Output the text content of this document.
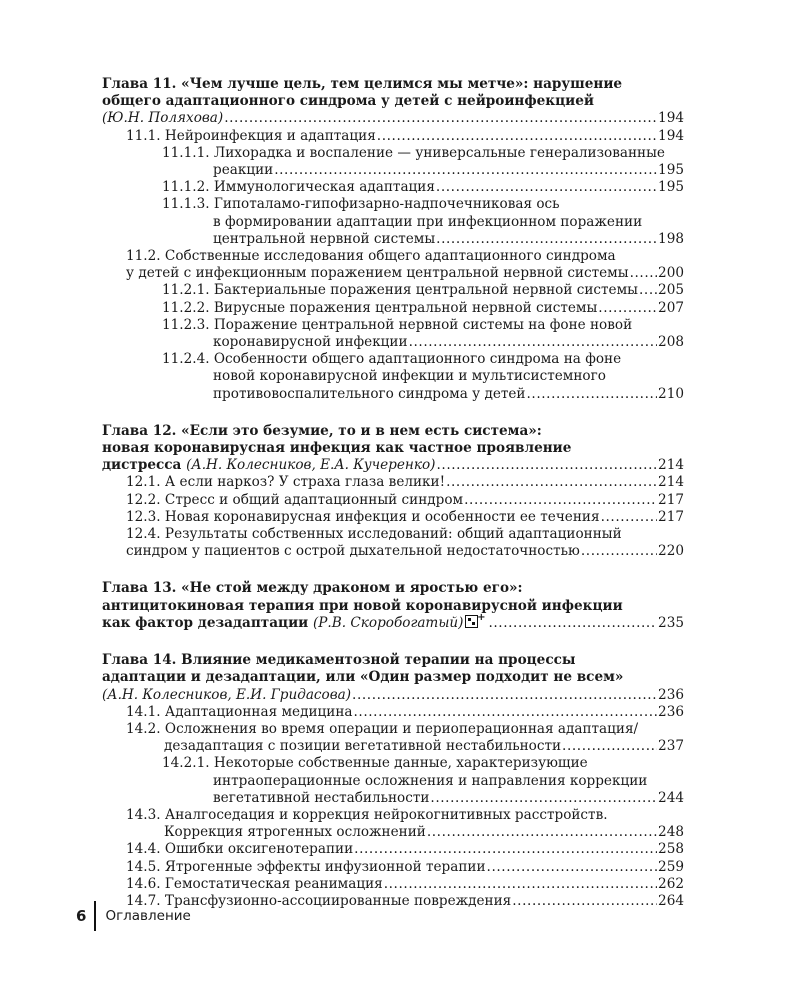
Глава 11. «Чем лучше цель, тем целимся мы метче»: нарушение
общего адаптационного синдрома у детей с нейроинфекцией
(Ю.Н. Поляхова) .....	194
11.1. Нейроинфекция и адаптация .....	194
11.1.1. Лихорадка и воспаление — универсальные генерализованные
реакции .....	195
11.1.2. Иммунологическая адаптация .....	195
11.1.3. Гипоталамо-гипофизарно-надпочечниковая ось
в формировании адаптации при инфекционном поражении
центральной нервной системы .....	198
11.2. Собственные исследования общего адаптационного синдрома
у детей с инфекционным поражением центральной нервной системы ..... 200
11.2.1. Бактериальные поражения центральной нервной системы ..... 205
11.2.2. Вирусные поражения центральной нервной системы .....	207
11.2.3. Поражение центральной нервной системы на фоне новой
коронавирусной инфекции .....	208
11.2.4. Особенности общего адаптационного синдрома на фоне
новой коронавирусной инфекции и мультисистемного
противовоспалительного синдрома у детей .....	210
Глава 12. «Если это безумие, то и в нем есть система»:
новая коронавирусная инфекция как частное проявление
дистресса (А.Н. Колесников, Е.А. Кучеренко) .....	214
12.1. А если наркоз? У страха глаза велики! .....	214
12.2. Стресс и общий адаптационный синдром .....	217
12.3. Новая коронавирусная инфекция и особенности ее течения .....	217
12.4. Результаты собственных исследований: общий адаптационный
синдром у пациентов с острой дыхательной недостаточностью .....	220
Глава 13. «Не стой между драконом и яростью его»:
антицитокиновая терапия при новой коронавирусной инфекции
как фактор дезадаптации (Р.В. Скоробогатый) + .....	235
Глава 14. Влияние медикаментозной терапии на процессы
адаптации и дезадаптации, или «Один размер подходит не всем»
(А.Н. Колесников, Е.И. Гридасова) .....	236
14.1. Адаптационная медицина .....	236
14.2. Осложнения во время операции и периоперационная адаптация/
дезадаптация с позиции вегетативной нестабильности .....	237
14.2.1. Некоторые собственные данные, характеризующие
интраоперационные осложнения и направления коррекции
вегетативной нестабильности .....	244
14.3. Аналгоседация и коррекция нейрокогнитивных расстройств.
Коррекция ятрогенных осложнений .....	248
14.4. Ошибки оксигенотерапии .....	258
14.5. Ятрогенные эффекты инфузионной терапии .....	259
14.6. Гемостатическая реанимация .....	262
14.7. Трансфузионно-ассоциированные повреждения .....	264
6	Оглавление
